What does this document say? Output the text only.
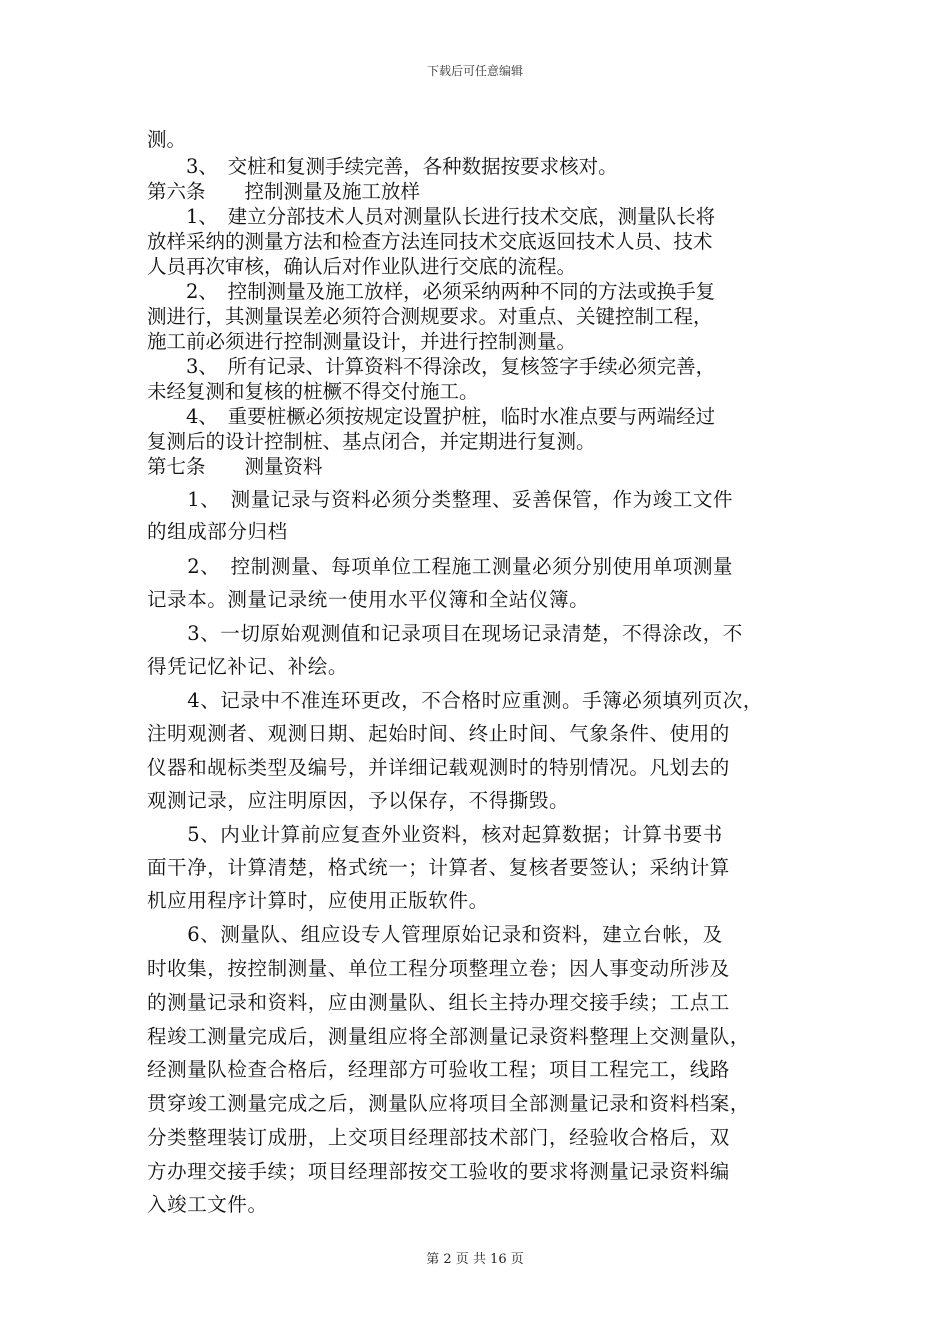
下载后可任意编辑
测。
　　3、　交桩和复测手续完善，各种数据按要求核对。
第六条　　控制测量及施工放样
　　1、　建立分部技术人员对测量队长进行技术交底，测量队长将
放样采纳的测量方法和检查方法连同技术交底返回技术人员、技术
人员再次审核，确认后对作业队进行交底的流程。
　　2、　控制测量及施工放样，必须采纳两种不同的方法或换手复
测进行，其测量误差必须符合测规要求。对重点、关键控制工程，
施工前必须进行控制测量设计，并进行控制测量。
　　3、　所有记录、计算资料不得涂改，复核签字手续必须完善，
未经复测和复核的桩橛不得交付施工。
　　4、　重要桩橛必须按规定设置护桩，临时水准点要与两端经过
复测后的设计控制桩、基点闭合，并定期进行复测。
第七条　　测量资料
　　1、　测量记录与资料必须分类整理、妥善保管，作为竣工文件
的组成部分归档
　　2、　控制测量、每项单位工程施工测量必须分别使用单项测量
记录本。测量记录统一使用水平仪簿和全站仪簿。
　　3、一切原始观测值和记录项目在现场记录清楚，不得涂改，不
得凭记忆补记、补绘。
　　4、记录中不准连环更改，不合格时应重测。手簿必须填列页次，
注明观测者、观测日期、起始时间、终止时间、气象条件、使用的
仪器和觇标类型及编号，并详细记载观测时的特别情况。凡划去的
观测记录，应注明原因，予以保存，不得撕毁。
　　5、内业计算前应复查外业资料，核对起算数据；计算书要书
面干净，计算清楚，格式统一；计算者、复核者要签认；采纳计算
机应用程序计算时，应使用正版软件。
　　6、测量队、组应设专人管理原始记录和资料，建立台帐，及
时收集，按控制测量、单位工程分项整理立卷；因人事变动所涉及
的测量记录和资料，应由测量队、组长主持办理交接手续；工点工
程竣工测量完成后，测量组应将全部测量记录资料整理上交测量队，
经测量队检查合格后，经理部方可验收工程；项目工程完工，线路
贯穿竣工测量完成之后，测量队应将项目全部测量记录和资料档案，
分类整理装订成册，上交项目经理部技术部门，经验收合格后，双
方办理交接手续；项目经理部按交工验收的要求将测量记录资料编
入竣工文件。
第 2 页 共 16 页
